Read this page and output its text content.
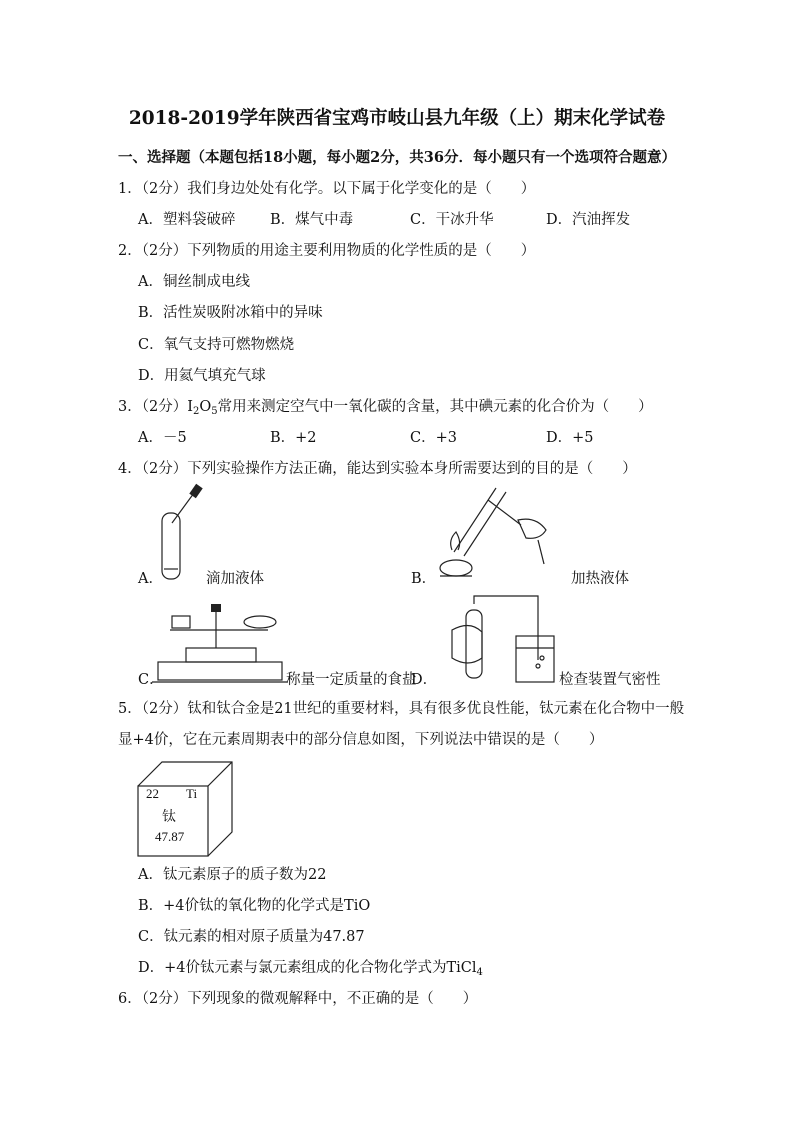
2018-2019学年陕西省宝鸡市岐山县九年级（上）期末化学试卷
一、选择题（本题包括18小题，每小题2分，共36分．每小题只有一个选项符合题意）
1．（2分）我们身边处处有化学。以下属于化学变化的是（　　）
A．塑料袋破碎 B．煤气中毒	C．干冰升华	D．汽油挥发
2．（2分）下列物质的用途主要利用物质的化学性质的是（　　）
A．铜丝制成电线
B．活性炭吸附冰箱中的异味
C．氧气支持可燃物燃烧
D．用氦气填充气球
3．（2分）$I_2O_5$常用来测定空气中一氧化碳的含量，其中碘元素的化合价为（　　）
A．－5	B．+2	C．+3	D．+5
4．（2分）下列实验操作方法正确，能达到实验本身所需要达到的目的是（　　）
A．	滴加液体	B．	加热液体
C．	称量一定质量的食盐
D．	检查装置气密性
5．（2分）钛和钛合金是21世纪的重要材料，具有很多优良性能，钛元素在化合物中一般
显+4价，它在元素周期表中的部分信息如图，下列说法中错误的是（　　）
22 Ti
钛
47.87
A．钛元素原子的质子数为22
B．+4价钛的氧化物的化学式是TiO
C．钛元素的相对原子质量为47.87
D．+4价钛元素与氯元素组成的化合物化学式为TiCl$_4$
6．（2分）下列现象的微观解释中，不正确的是（　　）
